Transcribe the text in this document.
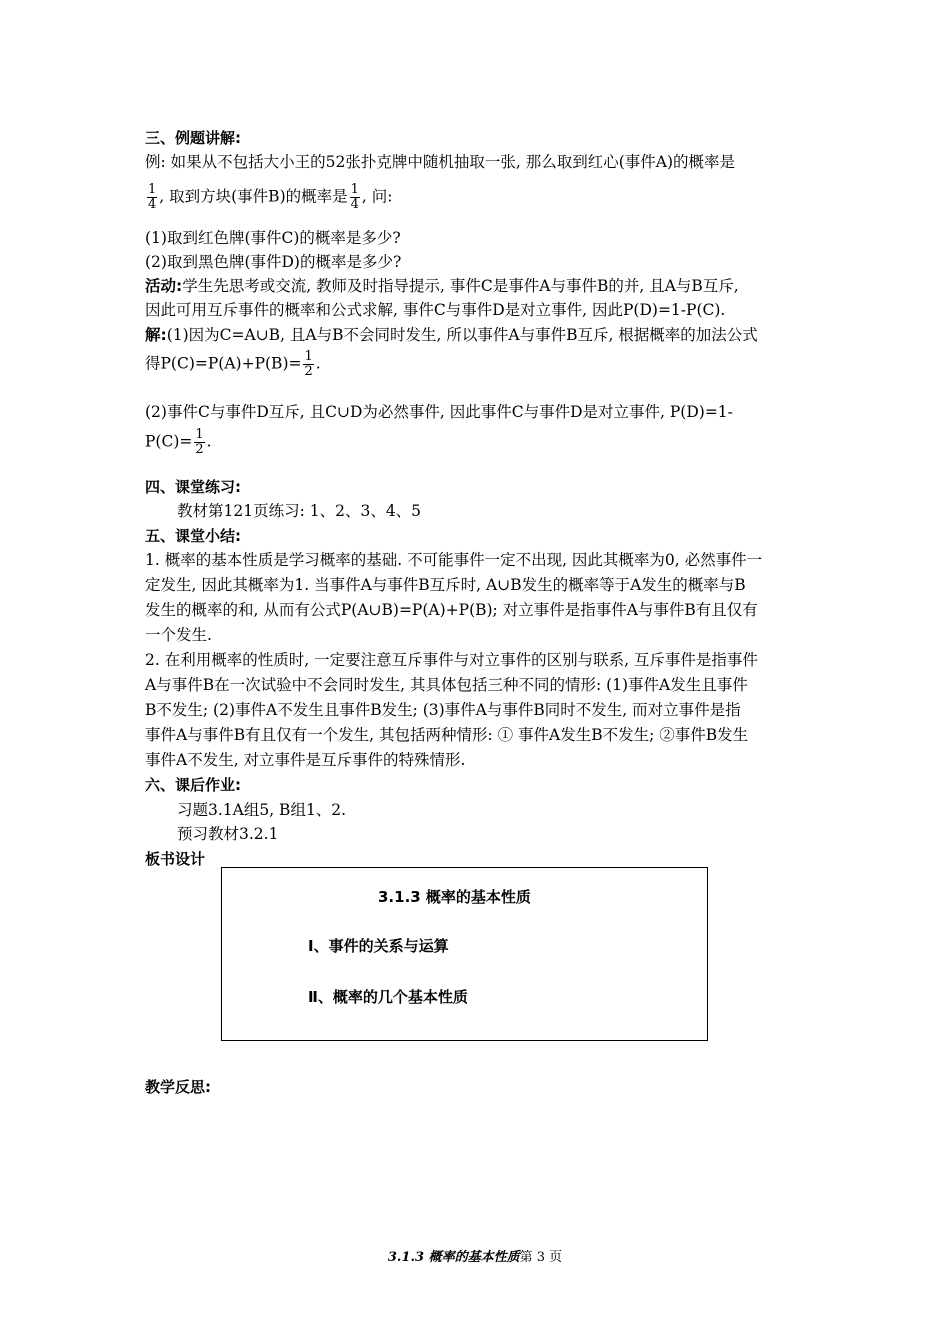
三、例题讲解:
例: 如果从不包括大小王的52张扑克牌中随机抽取一张, 那么取到红心(事件A)的概率是
$\frac{1}{4}$ , 取到方块(事件B)的概率是 $\frac{1}{4}$ , 问:
(1)取到红色牌(事件C)的概率是多少?
(2)取到黑色牌(事件D)的概率是多少?
活动:学生先思考或交流, 教师及时指导提示, 事件C是事件A与事件B的并, 且A与B互斥,
因此可用互斥事件的概率和公式求解, 事件C与事件D是对立事件, 因此P(D)=1-P(C).
解:(1)因为C=A∪B, 且A与B不会同时发生, 所以事件A与事件B互斥, 根据概率的加法公式
得$P(C)=P(A)+P(B)= \frac{1}{2}$ .
(2)事件C与事件D互斥, 且C∪D为必然事件, 因此事件C与事件D是对立事件, P(D)=1-
$P(C)= \frac{1}{2}$ .
四、课堂练习:
教材第121页练习: 1、2、3、4、5
五、课堂小结:
1. 概率的基本性质是学习概率的基础. 不可能事件一定不出现, 因此其概率为0, 必然事件一
定发生, 因此其概率为1. 当事件A与事件B互斥时, A∪B发生的概率等于A发生的概率与B
发生的概率的和, 从而有公式P(A∪B)=P(A)+P(B); 对立事件是指事件A与事件B有且仅有
一个发生.
2. 在利用概率的性质时, 一定要注意互斥事件与对立事件的区别与联系, 互斥事件是指事件
A与事件B在一次试验中不会同时发生, 其具体包括三种不同的情形: (1)事件A发生且事件
B不发生; (2)事件A不发生且事件B发生; (3)事件A与事件B同时不发生, 而对立事件是指
事件A与事件B有且仅有一个发生, 其包括两种情形: ① 事件A发生B不发生; ②事件B发生
事件A不发生, 对立事件是互斥事件的特殊情形.
六、课后作业:
习题3.1A组5, B组1、2.
预习教材3.2.1
板书设计
3.1.3 概率的基本性质
Ⅰ、事件的关系与运算
Ⅱ、概率的几个基本性质
教学反思:
3.1.3 概率的基本性质第 3 页
